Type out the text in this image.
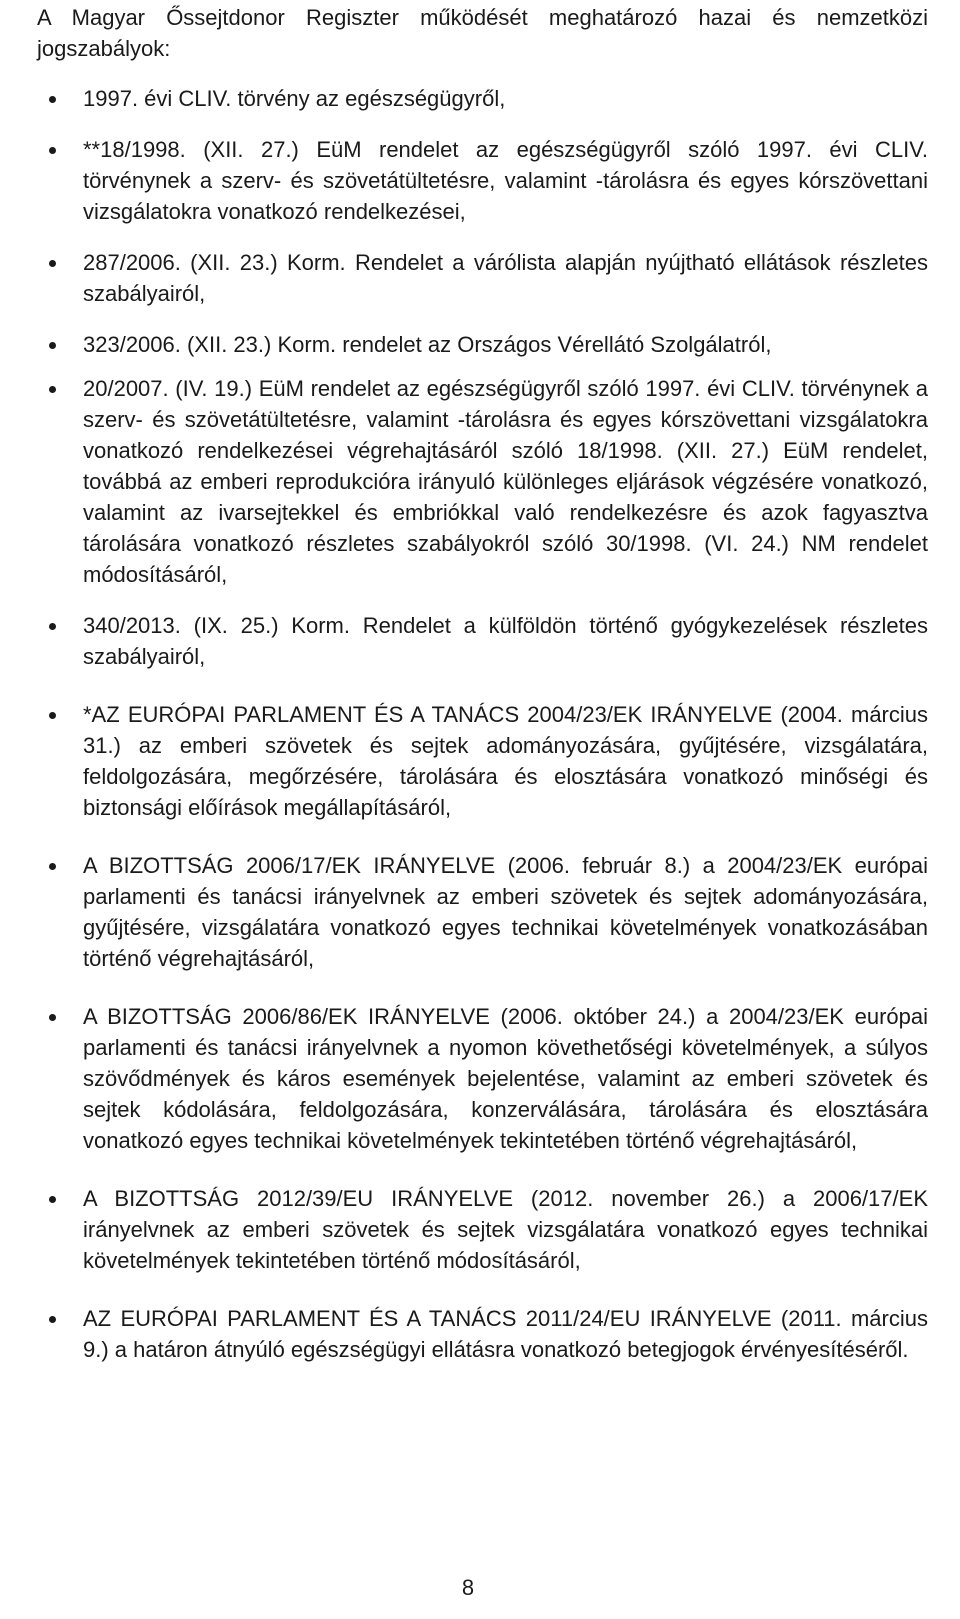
A Magyar Őssejtdonor Regiszter működését meghatározó hazai és nemzetközi jogszabályok:

1997. évi CLIV. törvény az egészségügyről,
**18/1998. (XII. 27.) EüM rendelet az egészségügyről szóló 1997. évi CLIV. törvénynek a szerv- és szövetátültetésre, valamint -tárolásra és egyes kórszövettani vizsgálatokra vonatkozó rendelkezései,
287/2006. (XII. 23.) Korm. Rendelet a várólista alapján nyújtható ellátások részletes szabályairól,
323/2006. (XII. 23.) Korm. rendelet az Országos Vérellátó Szolgálatról,
20/2007. (IV. 19.) EüM rendelet az egészségügyről szóló 1997. évi CLIV. törvénynek a szerv- és szövetátültetésre, valamint -tárolásra és egyes kórszövettani vizsgálatokra vonatkozó rendelkezései végrehajtásáról szóló 18/1998. (XII. 27.) EüM rendelet, továbbá az emberi reprodukcióra irányuló különleges eljárások végzésére vonatkozó, valamint az ivarsejtekkel és embriókkal való rendelkezésre és azok fagyasztva tárolására vonatkozó részletes szabályokról szóló 30/1998. (VI. 24.) NM rendelet módosításáról,
340/2013. (IX. 25.) Korm. Rendelet a külföldön történő gyógykezelések részletes szabályairól,
*AZ EURÓPAI PARLAMENT ÉS A TANÁCS 2004/23/EK IRÁNYELVE (2004. március 31.) az emberi szövetek és sejtek adományozására, gyűjtésére, vizsgálatára, feldolgozására, megőrzésére, tárolására és elosztására vonatkozó minőségi és biztonsági előírások megállapításáról,
A BIZOTTSÁG 2006/17/EK IRÁNYELVE (2006. február 8.) a 2004/23/EK európai parlamenti és tanácsi irányelvnek az emberi szövetek és sejtek adományozására, gyűjtésére, vizsgálatára vonatkozó egyes technikai követelmények vonatkozásában történő végrehajtásáról,
A BIZOTTSÁG 2006/86/EK IRÁNYELVE (2006. október 24.) a 2004/23/EK európai parlamenti és tanácsi irányelvnek a nyomon követhetőségi követelmények, a súlyos szövődmények és káros események bejelentése, valamint az emberi szövetek és sejtek kódolására, feldolgozására, konzerválására, tárolására és elosztására vonatkozó egyes technikai követelmények tekintetében történő végrehajtásáról,
A BIZOTTSÁG 2012/39/EU IRÁNYELVE (2012. november 26.) a 2006/17/EK irányelvnek az emberi szövetek és sejtek vizsgálatára vonatkozó egyes technikai követelmények tekintetében történő módosításáról,
AZ EURÓPAI PARLAMENT ÉS A TANÁCS 2011/24/EU IRÁNYELVE (2011. március 9.) a határon átnyúló egészségügyi ellátásra vonatkozó betegjogok érvényesítéséről.
8
